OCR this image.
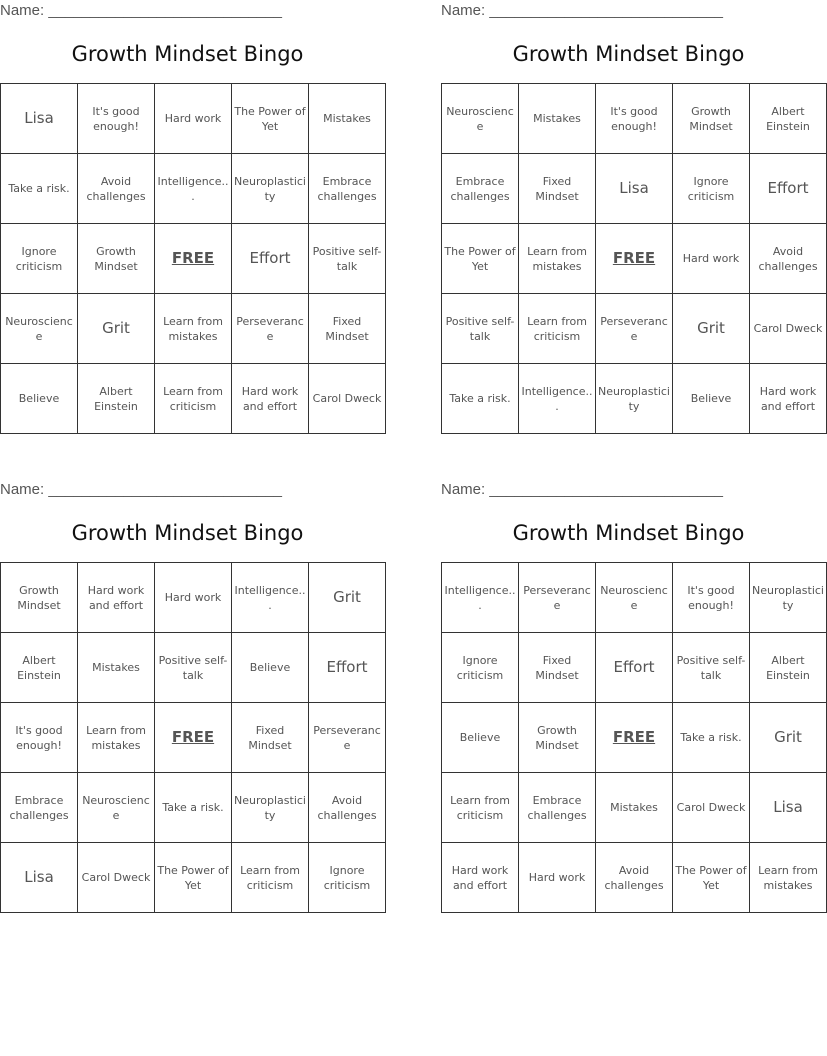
Name: ____________________________
Growth Mindset Bingo
Lisa	It's good enough!	Hard work	The Power of Yet	Mistakes
Take a risk.	Avoid challenges	Intelligence...	Neuroplasticity	Embrace challenges
Ignore criticism	Growth Mindset	FREE	Effort	Positive self-talk
Neuroscience	Grit	Learn from mistakes	Perseverance	Fixed Mindset
Believe	Albert Einstein	Learn from criticism	Hard work and effort	Carol Dweck
Name: ____________________________
Growth Mindset Bingo
Neuroscience	Mistakes	It's good enough!	Growth Mindset	Albert Einstein
Embrace challenges	Fixed Mindset	Lisa	Ignore criticism	Effort
The Power of Yet	Learn from mistakes	FREE	Hard work	Avoid challenges
Positive self-talk	Learn from criticism	Perseverance	Grit	Carol Dweck
Take a risk.	Intelligence...	Neuroplasticity	Believe	Hard work and effort
Name: ____________________________
Growth Mindset Bingo
Growth Mindset	Hard work and effort	Hard work	Intelligence...	Grit
Albert Einstein	Mistakes	Positive self-talk	Believe	Effort
It's good enough!	Learn from mistakes	FREE	Fixed Mindset	Perseverance
Embrace challenges	Neuroscience	Take a risk.	Neuroplasticity	Avoid challenges
Lisa	Carol Dweck	The Power of Yet	Learn from criticism	Ignore criticism
Name: ____________________________
Growth Mindset Bingo
Intelligence...	Perseverance	Neuroscience	It's good enough!	Neuroplasticity
Ignore criticism	Fixed Mindset	Effort	Positive self-talk	Albert Einstein
Believe	Growth Mindset	FREE	Take a risk.	Grit
Learn from criticism	Embrace challenges	Mistakes	Carol Dweck	Lisa
Hard work and effort	Hard work	Avoid challenges	The Power of Yet	Learn from mistakes
